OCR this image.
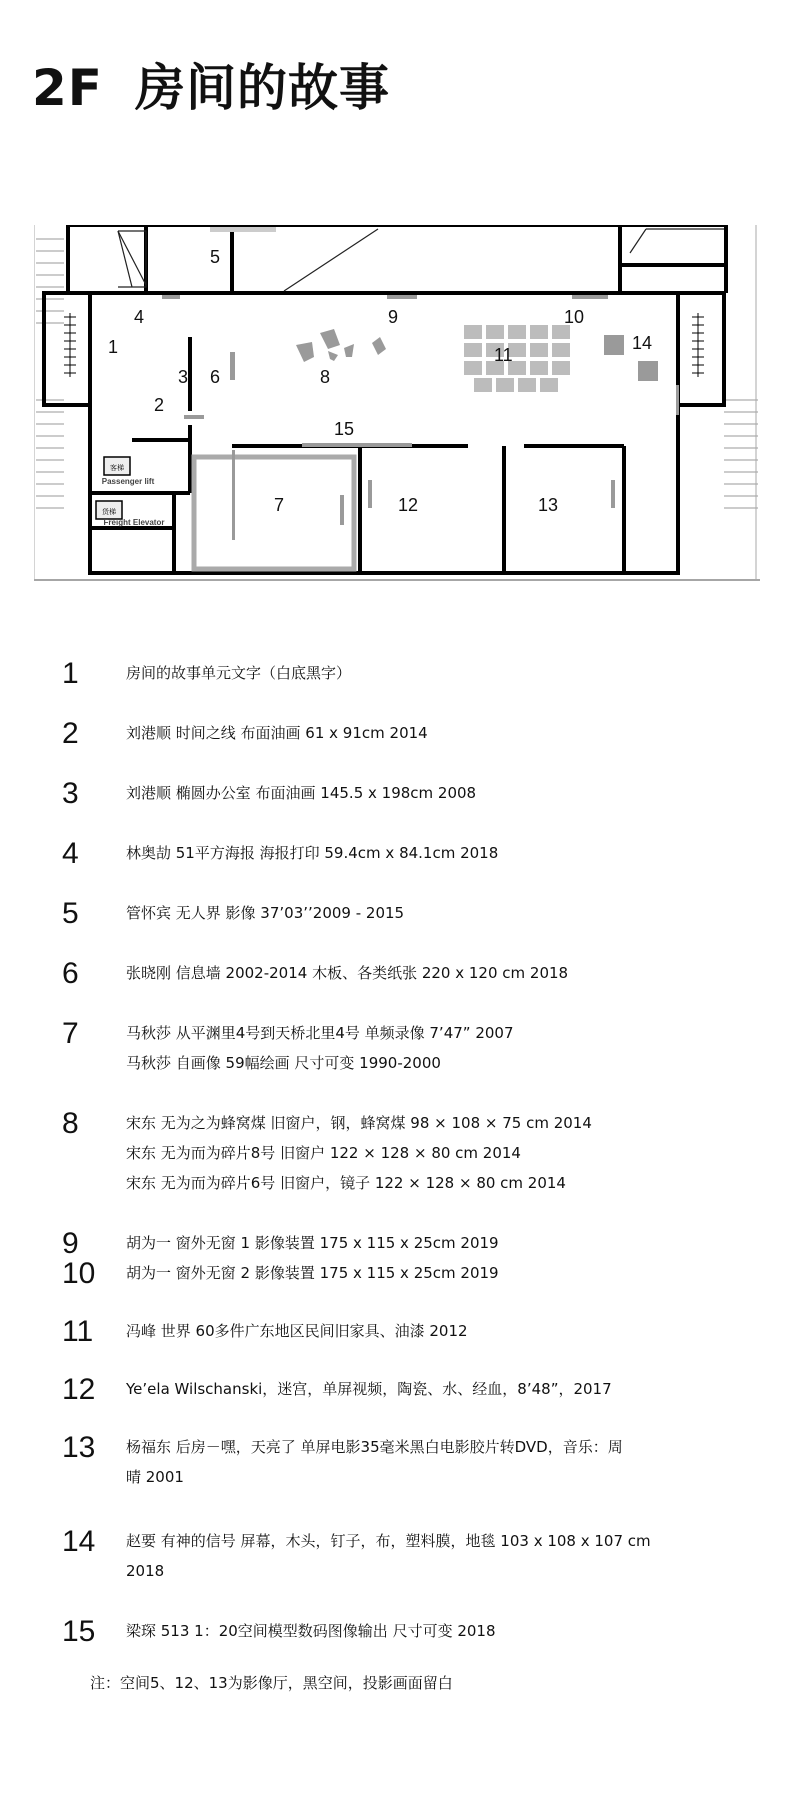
2F 房间的故事
客梯
Passenger lift
货梯
Freight Elevator
1
2
3
4
5
6
7
8
9	10
11
12	13
14
15
1	房间的故事单元文字（白底黑字）
2	刘港顺 时间之线 布面油画 61 x 91cm 2014
3	刘港顺 椭圆办公室 布面油画 145.5 x 198cm 2008
4	林奥劼 51平方海报 海报打印 59.4cm x 84.1cm 2018
5	管怀宾 无人界 影像 37’03’’2009 - 2015
6	张晓刚 信息墙 2002-2014 木板、各类纸张 220 x 120 cm 2018
7	马秋莎 从平渊里4号到天桥北里4号 单频录像 7’47” 2007
马秋莎 自画像 59幅绘画 尺寸可变 1990-2000
8	宋东 无为之为蜂窝煤 旧窗户，钢，蜂窝煤 98 × 108 × 75 cm 2014
宋东 无为而为碎片8号 旧窗户 122 × 128 × 80 cm 2014
宋东 无为而为碎片6号 旧窗户，镜子 122 × 128 × 80 cm 2014
9	胡为一 窗外无窗 1 影像装置 175 x 115 x 25cm 2019
10	胡为一 窗外无窗 2 影像装置 175 x 115 x 25cm 2019
11	冯峰 世界 60多件广东地区民间旧家具、油漆 2012
12	Ye’ela Wilschanski，迷宫，单屏视频，陶瓷、水、经血，8’48”，2017
13	杨福东 后房－嘿，天亮了 单屏电影35毫米黑白电影胶片转DVD，音乐：周
晴 2001
14	赵要 有神的信号 屏幕，木头，钉子，布，塑料膜，地毯 103 x 108 x 107 cm
2018
15	梁琛 513 1：20空间模型数码图像输出 尺寸可变 2018
注：空间5、12、13为影像厅，黑空间，投影画面留白
